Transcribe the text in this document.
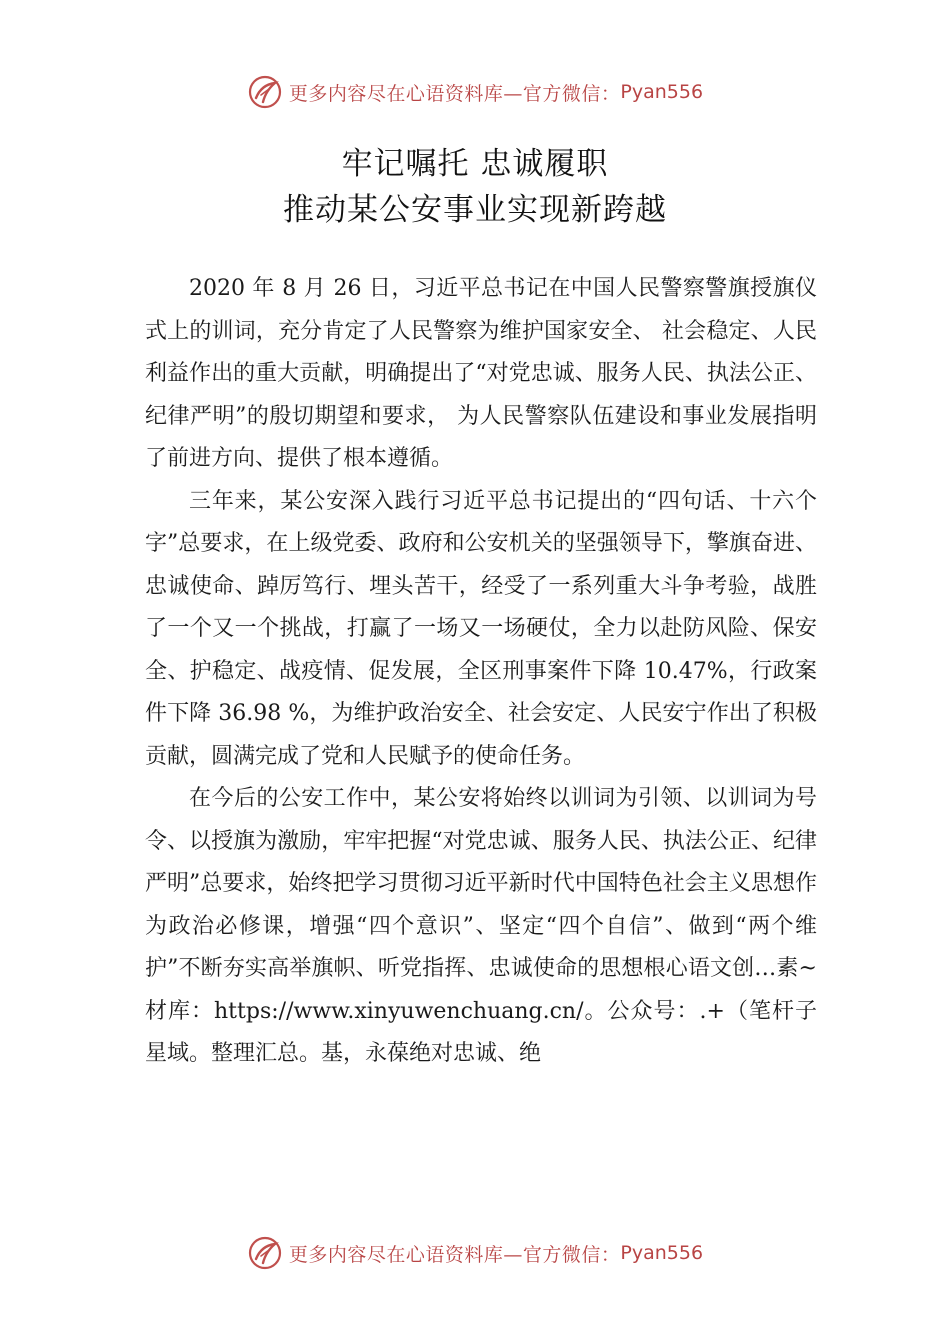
更多内容尽在心语资料库—官方微信： Pyan556
牢记嘱托 忠诚履职
推动某公安事业实现新跨越

2020 年 8 月 26 日，习近平总书记在中国人民警察警旗授旗仪式上的训词，充分肯定了人民警察为维护国家安全、 社会稳定、人民利益作出的重大贡献，明确提出了“对党忠诚、服务人民、执法公正、纪律严明”的殷切期望和要求， 为人民警察队伍建设和事业发展指明了前进方向、提供了根本遵循。

三年来，某公安深入践行习近平总书记提出的“四句话、十六个字”总要求，在上级党委、政府和公安机关的坚强领导下，擎旗奋进、忠诚使命、踔厉笃行、埋头苦干，经受了一系列重大斗争考验，战胜了一个又一个挑战，打赢了一场又一场硬仗，全力以赴防风险、保安全、护稳定、战疫情、促发展，全区刑事案件下降 10.47%，行政案件下降 36.98 %，为维护政治安全、社会安定、人民安宁作出了积极贡献，圆满完成了党和人民赋予的使命任务。

在今后的公安工作中，某公安将始终以训词为引领、以训词为号令、以授旗为激励，牢牢把握“对党忠诚、服务人民、执法公正、纪律严明”总要求，始终把学习贯彻习近平新时代中国特色社会主义思想作为政治必修课，增强“四个意识”、坚定“四个自信”、做到“两个维护”不断夯实高举旗帜、听党指挥、忠诚使命的思想根心语文创…素~材库：https://www.xinyuwenchuang.cn/。公众号：.+（笔杆子星域。整理汇总。基，永葆绝对忠诚、绝

更多内容尽在心语资料库—官方微信： Pyan556
